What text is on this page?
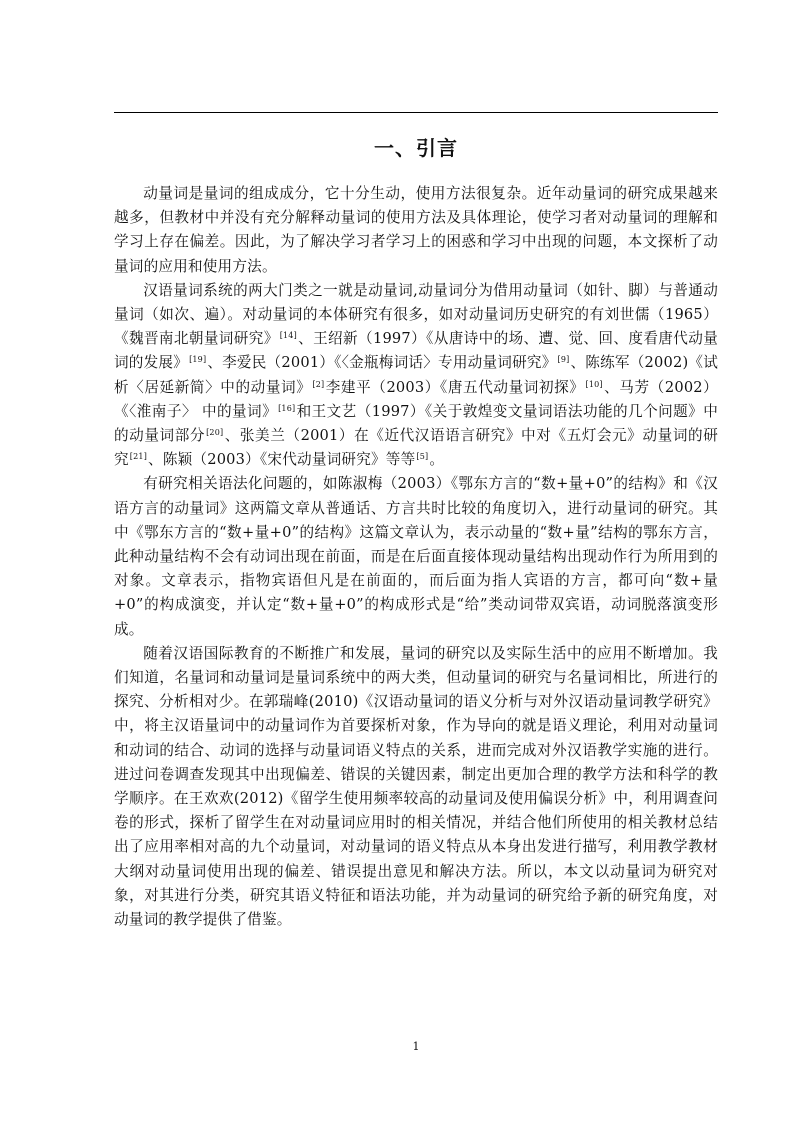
一、引言

动量词是量词的组成成分，它十分生动，使用方法很复杂。近年动量词的研究成果越来越多，但教材中并没有充分解释动量词的使用方法及具体理论，使学习者对动量词的理解和学习上存在偏差。因此，为了解决学习者学习上的困惑和学习中出现的问题，本文探析了动量词的应用和使用方法。

汉语量词系统的两大门类之一就是动量词,动量词分为借用动量词（如针、脚）与普通动量词（如次、遍）。对动量词的本体研究有很多，如对动量词历史研究的有刘世儒（1965）《魏晋南北朝量词研究》[14]、王绍新（1997）《从唐诗中的场、遭、觉、回、度看唐代动量词的发展》[19]、李爱民（2001）《〈金瓶梅词话〉专用动量词研究》[9]、陈练军（2002)《试析〈居延新简〉中的动量词》[2]李建平（2003）《唐五代动量词初探》[10]、马芳（2002）《〈淮南子〉 中的量词》[16]和王文艺（1997）《关于敦煌变文量词语法功能的几个问题》中的动量词部分[20]、张美兰（2001）在《近代汉语语言研究》中对《五灯会元》动量词的研究[21]、陈颖（2003）《宋代动量词研究》等等[5]。

有研究相关语法化问题的，如陈淑梅（2003）《鄂东方言的“数+量+0”的结构》和《汉语方言的动量词》这两篇文章从普通话、方言共时比较的角度切入，进行动量词的研究。其中《鄂东方言的“数+量+0”的结构》这篇文章认为，表示动量的“数+量”结构的鄂东方言，此种动量结构不会有动词出现在前面，而是在后面直接体现动量结构出现动作行为所用到的对象。文章表示，指物宾语但凡是在前面的，而后面为指人宾语的方言，都可向“数+量+0”的构成演变，并认定“数+量+0”的构成形式是“给”类动词带双宾语，动词脱落演变形成。

随着汉语国际教育的不断推广和发展，量词的研究以及实际生活中的应用不断增加。我们知道，名量词和动量词是量词系统中的两大类，但动量词的研究与名量词相比，所进行的探究、分析相对少。在郭瑞峰(2010)《汉语动量词的语义分析与对外汉语动量词教学研究》中，将主汉语量词中的动量词作为首要探析对象，作为导向的就是语义理论，利用对动量词和动词的结合、动词的选择与动量词语义特点的关系，进而完成对外汉语教学实施的进行。进过问卷调查发现其中出现偏差、错误的关键因素，制定出更加合理的教学方法和科学的教学顺序。在王欢欢(2012)《留学生使用频率较高的动量词及使用偏误分析》中，利用调查问卷的形式，探析了留学生在对动量词应用时的相关情况，并结合他们所使用的相关教材总结出了应用率相对高的九个动量词，对动量词的语义特点从本身出发进行描写，利用教学教材大纲对动量词使用出现的偏差、错误提出意见和解决方法。所以，本文以动量词为研究对象，对其进行分类，研究其语义特征和语法功能，并为动量词的研究给予新的研究角度，对动量词的教学提供了借鉴。

1
